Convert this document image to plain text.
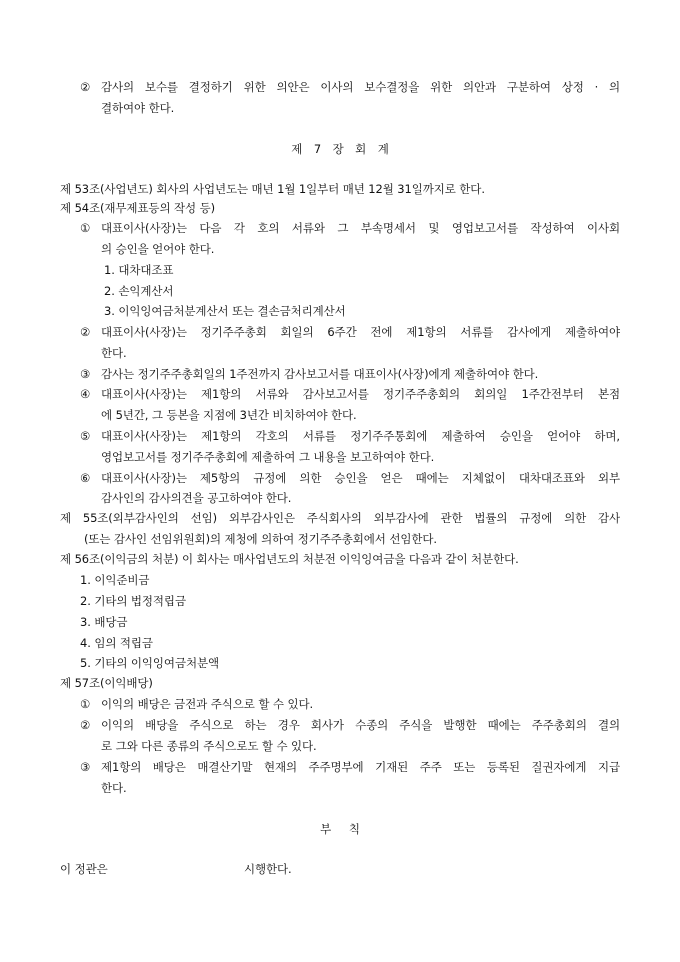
② 감사의 보수를 결정하기 위한 의안은 이사의 보수결정을 위한 의안과 구분하여 상정 · 의
결하여야 한다.
제 7 장 회 계
제 53조(사업년도) 회사의 사업년도는 매년 1월 1일부터 매년 12월 31일까지로 한다.
제 54조(재무제표등의 작성 등)
① 대표이사(사장)는 다음 각 호의 서류와 그 부속명세서 및 영업보고서를 작성하여 이사회
의 승인을 얻어야 한다.
1. 대차대조표
2. 손익계산서
3. 이익잉여금처분계산서 또는 결손금처리계산서
② 대표이사(사장)는 정기주주총회 회일의 6주간 전에 제1항의 서류를 감사에게 제출하여야
한다.
③ 감사는 정기주주총회일의 1주전까지 감사보고서를 대표이사(사장)에게 제출하여야 한다.
④ 대표이사(사장)는 제1항의 서류와 감사보고서를 정기주주총회의 회의일 1주간전부터 본점
에 5년간, 그 등본을 지점에 3년간 비치하여야 한다.
⑤ 대표이사(사장)는 제1항의 각호의 서류를 정기주주통회에 제출하여 승인을 얻어야 하며,
영업보고서를 정기주주총회에 제출하여 그 내용을 보고하여야 한다.
⑥ 대표이사(사장)는 제5항의 규정에 의한 승인을 얻은 때에는 지체없이 대차대조표와 외부
감사인의 감사의견을 공고하여야 한다.
제 55조(외부감사인의 선임) 외부감사인은 주식회사의 외부감사에 관한 법률의 규정에 의한 감사
(또는 감사인 선임위원회)의 제청에 의하여 정기주주총회에서 선임한다.
제 56조(이익금의 처분) 이 회사는 매사업년도의 처분전 이익잉여금을 다음과 같이 처분한다.
1. 이익준비금
2. 기타의 법정적립금
3. 배당금
4. 임의 적립금
5. 기타의 이익잉여금처분액
제 57조(이익배당)
① 이익의 배당은 금전과 주식으로 할 수 있다.
② 이익의 배당을 주식으로 하는 경우 회사가 수종의 주식을 발행한 때에는 주주총회의 결의
로 그와 다른 종류의 주식으로도 할 수 있다.
③ 제1항의 배당은 매결산기말 현재의 주주명부에 기재된 주주 또는 등록된 질권자에게 지급
한다.
부     칙
이 정관은	시행한다.
